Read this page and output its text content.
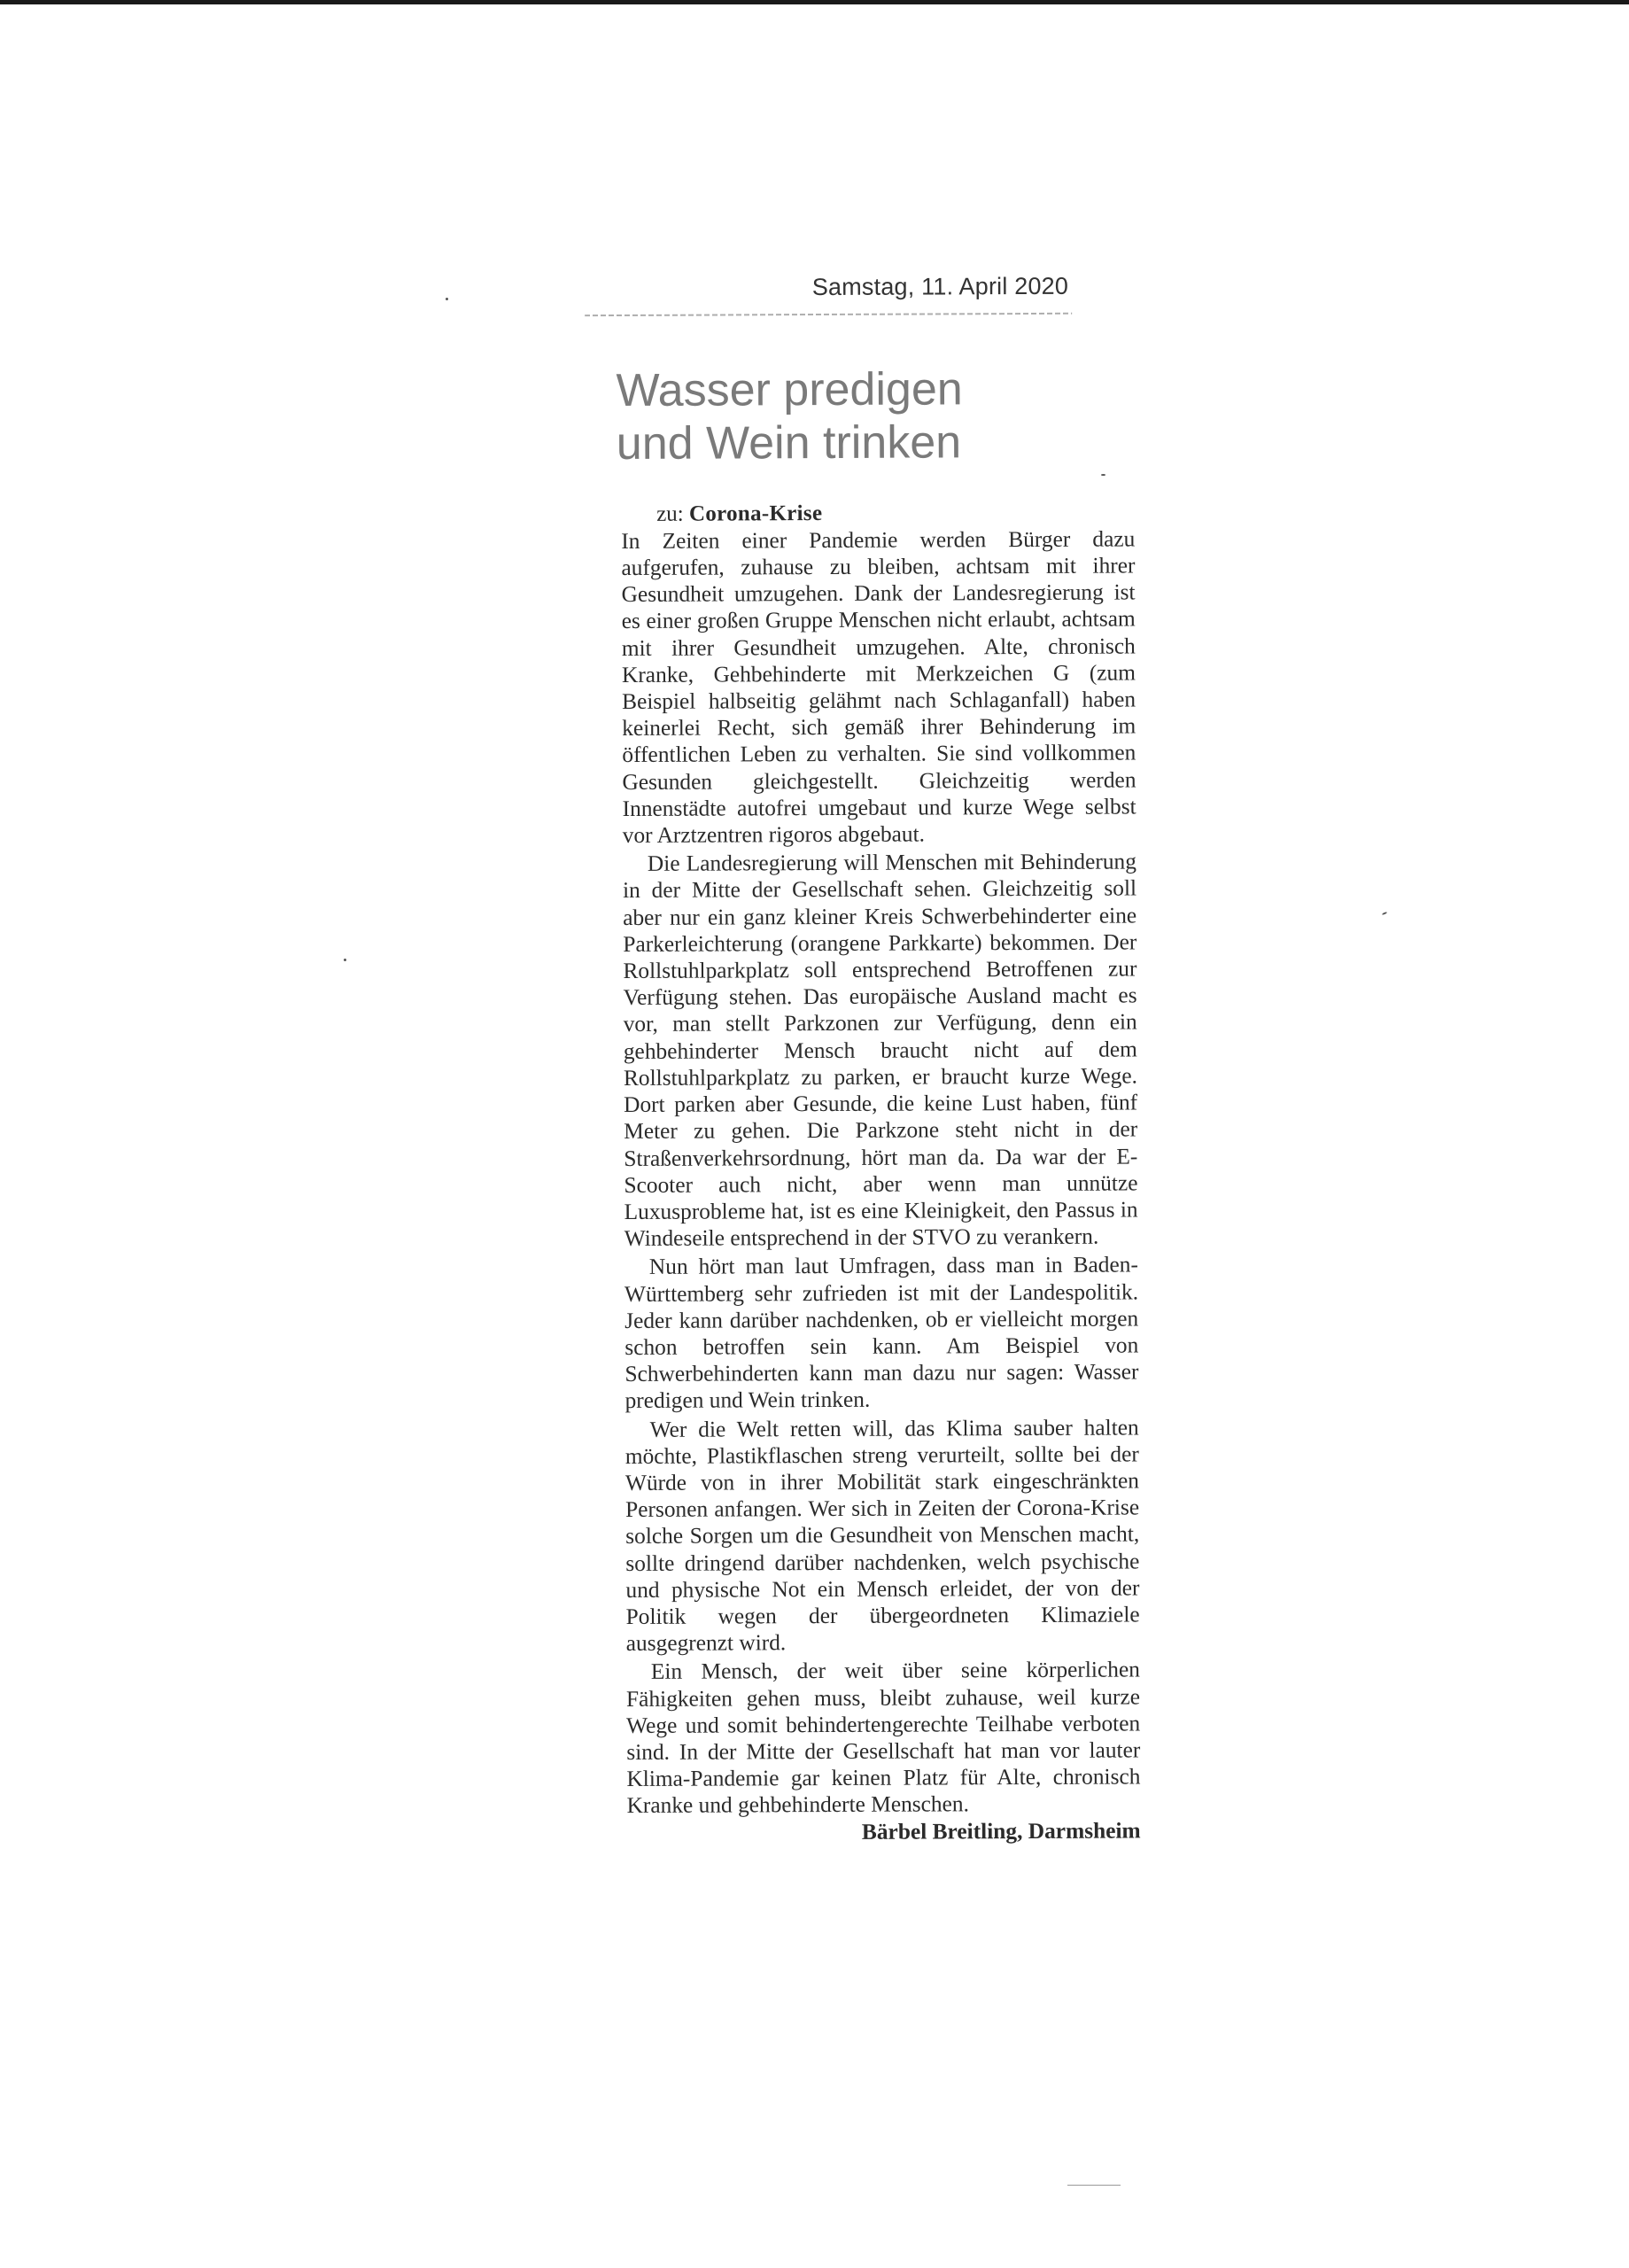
Samstag, 11. April 2020
Wasser predigen
und Wein trinken
zu: Corona-Krise

In Zeiten einer Pandemie werden Bürger dazu aufgerufen, zuhause zu bleiben, achtsam mit ihrer Gesundheit umzugehen. Dank der Landesregierung ist es einer großen Gruppe Menschen nicht erlaubt, achtsam mit ihrer Gesundheit umzugehen. Alte, chronisch Kranke, Gehbehinderte mit Merkzeichen G (zum Beispiel halbseitig gelähmt nach Schlaganfall) haben keinerlei Recht, sich gemäß ihrer Behinderung im öffentlichen Leben zu verhalten. Sie sind vollkommen Gesunden gleichgestellt. Gleichzeitig werden Innenstädte autofrei umgebaut und kurze Wege selbst vor Arztzentren rigoros abgebaut.

Die Landesregierung will Menschen mit Behinderung in der Mitte der Gesellschaft sehen. Gleichzeitig soll aber nur ein ganz kleiner Kreis Schwerbehinderter eine Parkerleichterung (orangene Parkkarte) bekommen. Der Rollstuhlparkplatz soll entsprechend Betroffenen zur Verfügung stehen. Das europäische Ausland macht es vor, man stellt Parkzonen zur Verfügung, denn ein gehbehinderter Mensch braucht nicht auf dem Rollstuhlparkplatz zu parken, er braucht kurze Wege. Dort parken aber Gesunde, die keine Lust haben, fünf Meter zu gehen. Die Parkzone steht nicht in der Straßenverkehrsordnung, hört man da. Da war der E-Scooter auch nicht, aber wenn man unnütze Luxusprobleme hat, ist es eine Kleinigkeit, den Passus in Windeseile entsprechend in der STVO zu verankern.

Nun hört man laut Umfragen, dass man in Baden-Württemberg sehr zufrieden ist mit der Landespolitik. Jeder kann darüber nachdenken, ob er vielleicht morgen schon betroffen sein kann. Am Beispiel von Schwerbehinderten kann man dazu nur sagen: Wasser predigen und Wein trinken.

Wer die Welt retten will, das Klima sauber halten möchte, Plastikflaschen streng verurteilt, sollte bei der Würde von in ihrer Mobilität stark eingeschränkten Personen anfangen. Wer sich in Zeiten der Corona-Krise solche Sorgen um die Gesundheit von Menschen macht, sollte dringend darüber nachdenken, welch psychische und physische Not ein Mensch erleidet, der von der Politik wegen der übergeordneten Klimaziele ausgegrenzt wird.

Ein Mensch, der weit über seine körperlichen Fähigkeiten gehen muss, bleibt zuhause, weil kurze Wege und somit behindertengerechte Teilhabe verboten sind. In der Mitte der Gesellschaft hat man vor lauter Klima-Pandemie gar keinen Platz für Alte, chronisch Kranke und gehbehinderte Menschen.
Bärbel Breitling, Darmsheim
